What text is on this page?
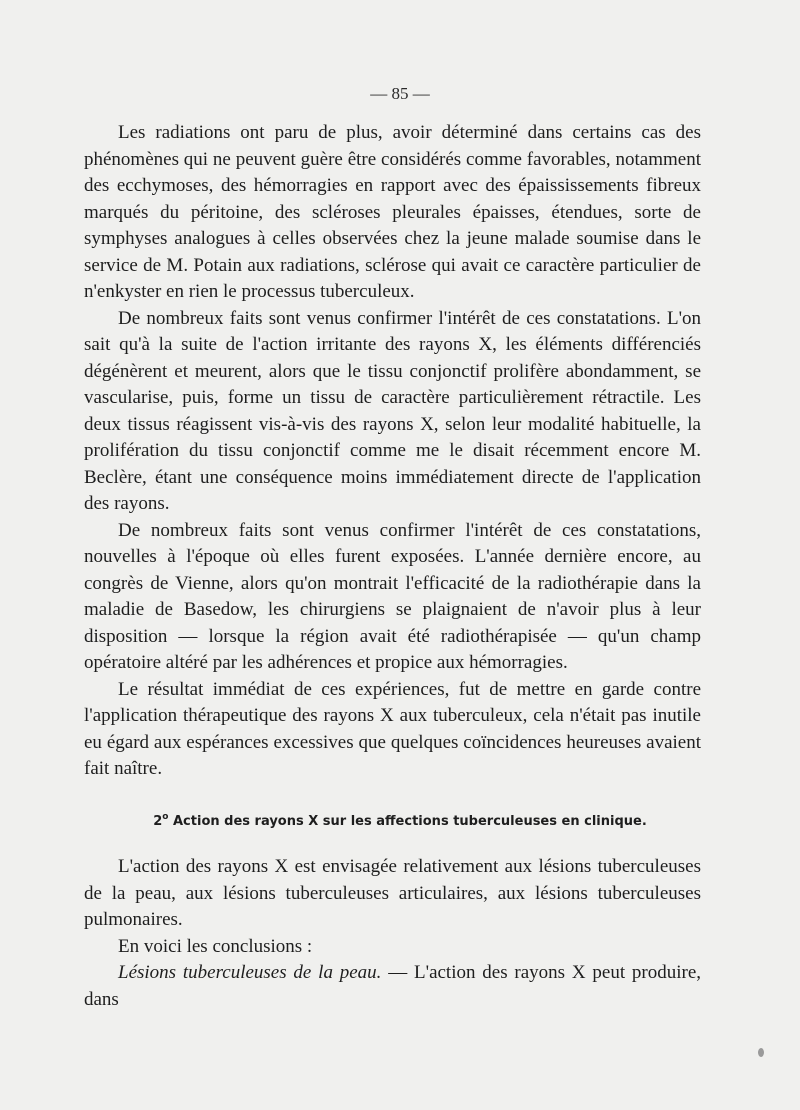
— 85 —

Les radiations ont paru de plus, avoir déterminé dans certains cas des phénomènes qui ne peuvent guère être considérés comme favorables, notamment des ecchymoses, des hémorragies en rapport avec des épaississements fibreux marqués du péritoine, des scléroses pleurales épaisses, étendues, sorte de symphyses analogues à celles observées chez la jeune malade soumise dans le service de M. Potain aux radiations, sclérose qui avait ce caractère particulier de n'enkyster en rien le processus tuberculeux.

De nombreux faits sont venus confirmer l'intérêt de ces constatations. L'on sait qu'à la suite de l'action irritante des rayons X, les éléments différenciés dégénèrent et meurent, alors que le tissu conjonctif prolifère abondamment, se vascularise, puis, forme un tissu de caractère particulièrement rétractile. Les deux tissus réagissent vis-à-vis des rayons X, selon leur modalité habituelle, la prolifération du tissu conjonctif comme me le disait récemment encore M. Beclère, étant une conséquence moins immédiatement directe de l'application des rayons.

De nombreux faits sont venus confirmer l'intérêt de ces constatations, nouvelles à l'époque où elles furent exposées. L'année dernière encore, au congrès de Vienne, alors qu'on montrait l'efficacité de la radiothérapie dans la maladie de Basedow, les chirurgiens se plaignaient de n'avoir plus à leur disposition — lorsque la région avait été radiothérapisée — qu'un champ opératoire altéré par les adhérences et propice aux hémorragies.

Le résultat immédiat de ces expériences, fut de mettre en garde contre l'application thérapeutique des rayons X aux tuberculeux, cela n'était pas inutile eu égard aux espérances excessives que quelques coïncidences heureuses avaient fait naître.

2$^o$ Action des rayons X sur les affections tuberculeuses en clinique.

L'action des rayons X est envisagée relativement aux lésions tuberculeuses de la peau, aux lésions tuberculeuses articulaires, aux lésions tuberculeuses pulmonaires.

En voici les conclusions :

Lésions tuberculeuses de la peau. — L'action des rayons X peut produire, dans
